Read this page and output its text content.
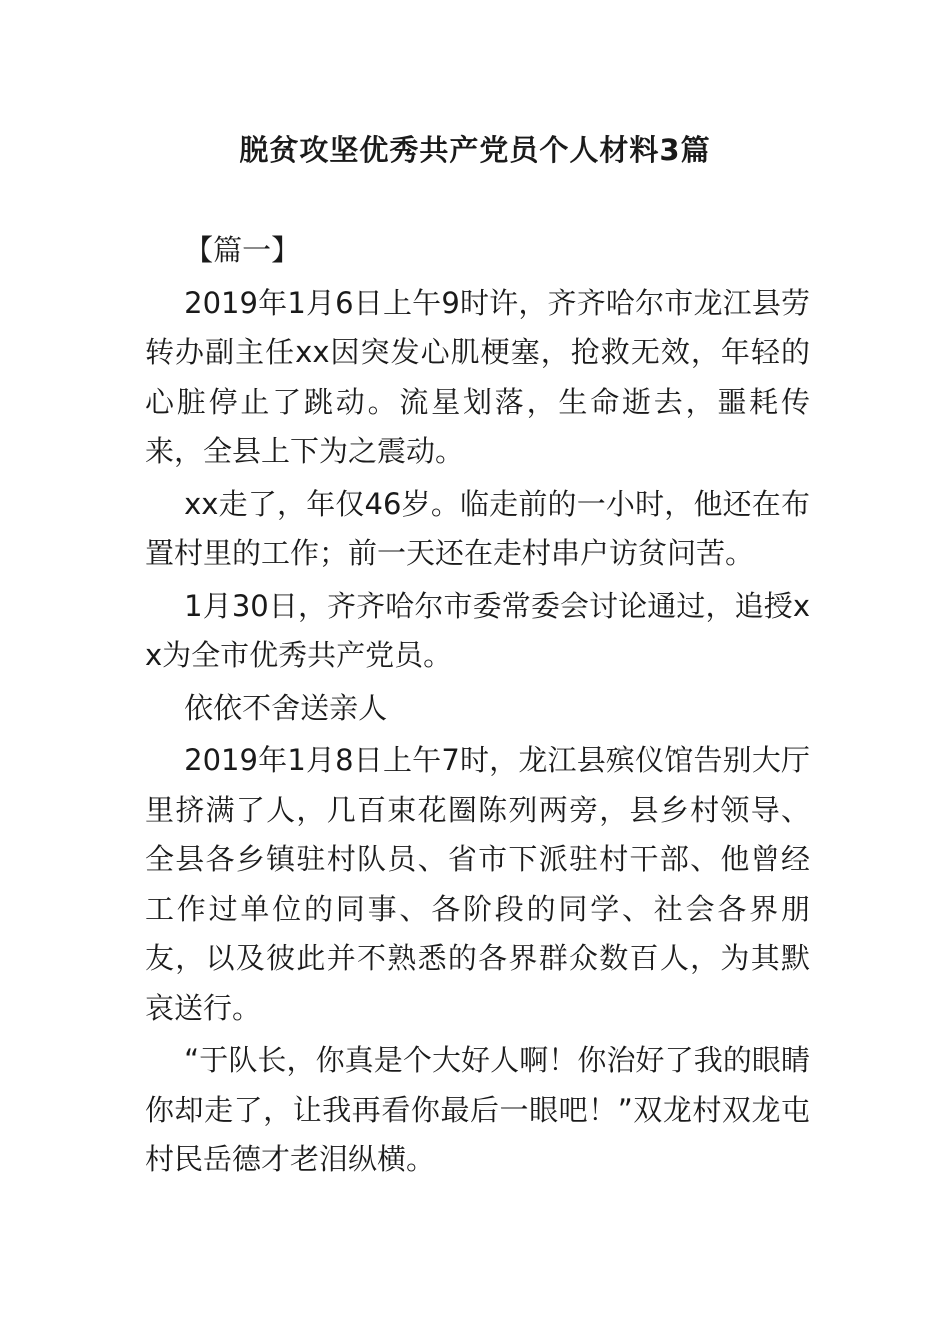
脱贫攻坚优秀共产党员个人材料3篇

【篇一】

2019年1月6日上午9时许，齐齐哈尔市龙江县劳转办副主任xx因突发心肌梗塞，抢救无效，年轻的心脏停止了跳动。流星划落，生命逝去，噩耗传来，全县上下为之震动。

xx走了，年仅46岁。临走前的一小时，他还在布置村里的工作；前一天还在走村串户访贫问苦。

1月30日，齐齐哈尔市委常委会讨论通过，追授xx为全市优秀共产党员。

依依不舍送亲人

2019年1月8日上午7时，龙江县殡仪馆告别大厅里挤满了人，几百束花圈陈列两旁，县乡村领导、全县各乡镇驻村队员、省市下派驻村干部、他曾经工作过单位的同事、各阶段的同学、社会各界朋友，以及彼此并不熟悉的各界群众数百人，为其默哀送行。

“于队长，你真是个大好人啊！你治好了我的眼睛你却走了，让我再看你最后一眼吧！”双龙村双龙屯村民岳德才老泪纵横。
